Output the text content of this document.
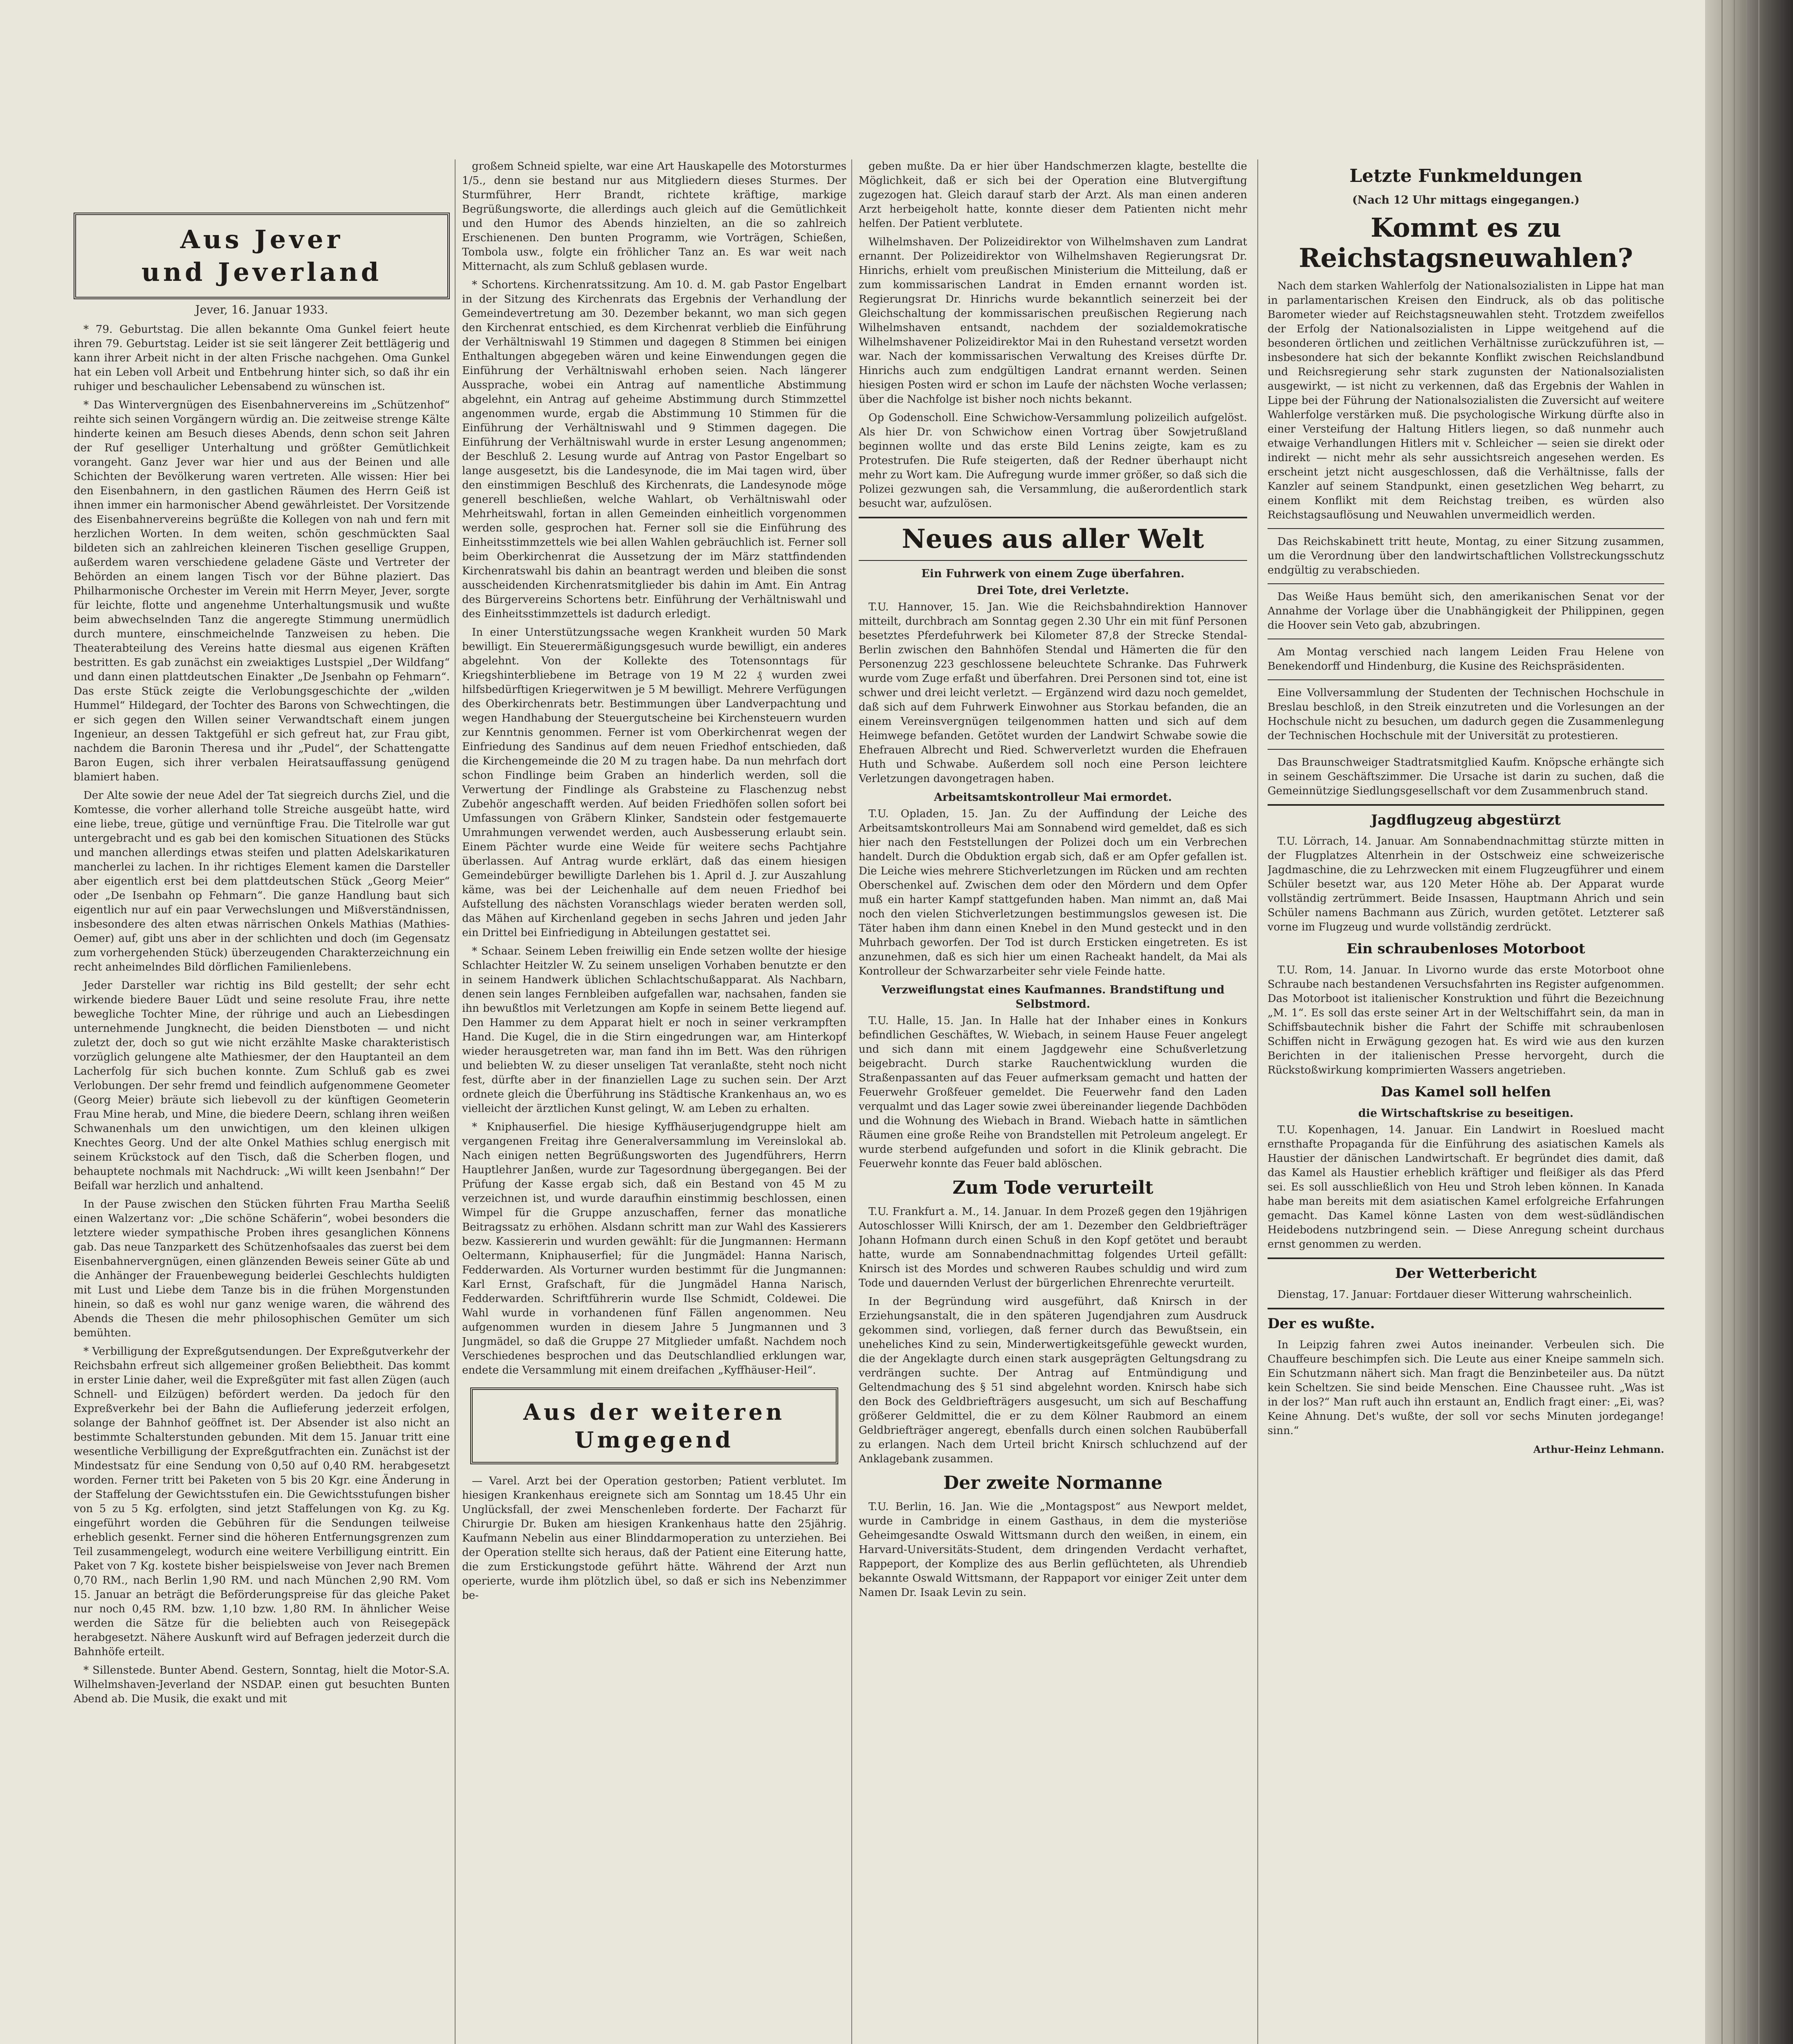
Aus Jever
und Jeverland
Jever, 16. Januar 1933.

* 79. Geburtstag. Die allen bekannte Oma Gunkel feiert heute ihren 79. Geburtstag. Leider ist sie seit längerer Zeit bettlägerig und kann ihrer Arbeit nicht in der alten Frische nachgehen. Oma Gunkel hat ein Leben voll Arbeit und Entbehrung hinter sich, so daß ihr ein ruhiger und beschaulicher Lebensabend zu wünschen ist.

* Das Wintervergnügen des Eisenbahnervereins im „Schützenhof“ reihte sich seinen Vorgängern würdig an. Die zeitweise strenge Kälte hinderte keinen am Besuch dieses Abends, denn schon seit Jahren der Ruf geselliger Unterhaltung und größter Gemütlichkeit vorangeht. Ganz Jever war hier und aus der Beinen und alle Schichten der Bevölkerung waren vertreten. Alle wissen: Hier bei den Eisenbahnern, in den gastlichen Räumen des Herrn Geiß ist ihnen immer ein harmonischer Abend gewährleistet. Der Vorsitzende des Eisenbahnervereins begrüßte die Kollegen von nah und fern mit herzlichen Worten. In dem weiten, schön geschmückten Saal bildeten sich an zahlreichen kleineren Tischen gesellige Gruppen, außerdem waren verschiedene geladene Gäste und Vertreter der Behörden an einem langen Tisch vor der Bühne plaziert. Das Philharmonische Orchester im Verein mit Herrn Meyer, Jever, sorgte für leichte, flotte und angenehme Unterhaltungsmusik und wußte beim abwechselnden Tanz die angeregte Stimmung unermüdlich durch muntere, einschmeichelnde Tanzweisen zu heben. Die Theaterabteilung des Vereins hatte diesmal aus eigenen Kräften bestritten. Es gab zunächst ein zweiaktiges Lustspiel „Der Wildfang“ und dann einen plattdeutschen Einakter „De Jsenbahn op Fehmarn“. Das erste Stück zeigte die Verlobungsgeschichte der „wilden Hummel“ Hildegard, der Tochter des Barons von Schwechtingen, die er sich gegen den Willen seiner Verwandtschaft einem jungen Ingenieur, an dessen Taktgefühl er sich gefreut hat, zur Frau gibt, nachdem die Baronin Theresa und ihr „Pudel“, der Schattengatte Baron Eugen, sich ihrer verbalen Heiratsauffassung genügend blamiert haben.

Der Alte sowie der neue Adel der Tat siegreich durchs Ziel, und die Komtesse, die vorher allerhand tolle Streiche ausgeübt hatte, wird eine liebe, treue, gütige und vernünftige Frau. Die Titelrolle war gut untergebracht und es gab bei den komischen Situationen des Stücks und manchen allerdings etwas steifen und platten Adelskarikaturen mancherlei zu lachen. In ihr richtiges Element kamen die Darsteller aber eigentlich erst bei dem plattdeutschen Stück „Georg Meier“ oder „De Isenbahn op Fehmarn“. Die ganze Handlung baut sich eigentlich nur auf ein paar Verwechslungen und Mißverständnissen, insbesondere des alten etwas närrischen Onkels Mathias (Mathies-Oemer) auf, gibt uns aber in der schlichten und doch (im Gegensatz zum vorhergehenden Stück) überzeugenden Charakterzeichnung ein recht anheimelndes Bild dörflichen Familienlebens.

Jeder Darsteller war richtig ins Bild gestellt; der sehr echt wirkende biedere Bauer Lüdt und seine resolute Frau, ihre nette bewegliche Tochter Mine, der rührige und auch an Liebesdingen unternehmende Jungknecht, die beiden Dienstboten — und nicht zuletzt der, doch so gut wie nicht erzählte Maske charakteristisch vorzüglich gelungene alte Mathiesmer, der den Hauptanteil an dem Lacherfolg für sich buchen konnte. Zum Schluß gab es zwei Verlobungen. Der sehr fremd und feindlich aufgenommene Geometer (Georg Meier) bräute sich liebevoll zu der künftigen Geometerin Frau Mine herab, und Mine, die biedere Deern, schlang ihren weißen Schwanenhals um den unwichtigen, um den kleinen ulkigen Knechtes Georg. Und der alte Onkel Mathies schlug energisch mit seinem Krückstock auf den Tisch, daß die Scherben flogen, und behauptete nochmals mit Nachdruck: „Wi willt keen Jsenbahn!“ Der Beifall war herzlich und anhaltend.

In der Pause zwischen den Stücken führten Frau Martha Seeliß einen Walzertanz vor: „Die schöne Schäferin“, wobei besonders die letztere wieder sympathische Proben ihres gesanglichen Könnens gab. Das neue Tanzparkett des Schützenhofsaales das zuerst bei dem Eisenbahnervergnügen, einen glänzenden Beweis seiner Güte ab und die Anhänger der Frauenbewegung beiderlei Geschlechts huldigten mit Lust und Liebe dem Tanze bis in die frühen Morgenstunden hinein, so daß es wohl nur ganz wenige waren, die während des Abends die Thesen die mehr philosophischen Gemüter um sich bemühten.

* Verbilligung der Expreßgutsendungen. Der Expreßgutverkehr der Reichsbahn erfreut sich allgemeiner großen Beliebtheit. Das kommt in erster Linie daher, weil die Expreßgüter mit fast allen Zügen (auch Schnell- und Eilzügen) befördert werden. Da jedoch für den Expreßverkehr bei der Bahn die Auflieferung jederzeit erfolgen, solange der Bahnhof geöffnet ist. Der Absender ist also nicht an bestimmte Schalterstunden gebunden. Mit dem 15. Januar tritt eine wesentliche Verbilligung der Expreßgutfrachten ein. Zunächst ist der Mindestsatz für eine Sendung von 0,50 auf 0,40 RM. herabgesetzt worden. Ferner tritt bei Paketen von 5 bis 20 Kgr. eine Änderung in der Staffelung der Gewichtsstufen ein. Die Gewichtsstufungen bisher von 5 zu 5 Kg. erfolgten, sind jetzt Staffelungen von Kg. zu Kg. eingeführt worden die Gebühren für die Sendungen teilweise erheblich gesenkt. Ferner sind die höheren Entfernungsgrenzen zum Teil zusammengelegt, wodurch eine weitere Verbilligung eintritt. Ein Paket von 7 Kg. kostete bisher beispielsweise von Jever nach Bremen 0,70 RM., nach Berlin 1,90 RM. und nach München 2,90 RM. Vom 15. Januar an beträgt die Beförderungspreise für das gleiche Paket nur noch 0,45 RM. bzw. 1,10 bzw. 1,80 RM. In ähnlicher Weise werden die Sätze für die beliebten auch von Reisegepäck herabgesetzt. Nähere Auskunft wird auf Befragen jederzeit durch die Bahnhöfe erteilt.

* Sillenstede. Bunter Abend. Gestern, Sonntag, hielt die Motor-S.A. Wilhelmshaven-Jeverland der NSDAP. einen gut besuchten Bunten Abend ab. Die Musik, die exakt und mit

großem Schneid spielte, war eine Art Hauskapelle des Motorsturmes 1/5., denn sie bestand nur aus Mitgliedern dieses Sturmes. Der Sturmführer, Herr Brandt, richtete kräftige, markige Begrüßungsworte, die allerdings auch gleich auf die Gemütlichkeit und den Humor des Abends hinzielten, an die so zahlreich Erschienenen. Den bunten Programm, wie Vorträgen, Schießen, Tombola usw., folgte ein fröhlicher Tanz an. Es war weit nach Mitternacht, als zum Schluß geblasen wurde.

* Schortens. Kirchenratssitzung. Am 10. d. M. gab Pastor Engelbart in der Sitzung des Kirchenrats das Ergebnis der Verhandlung der Gemeindevertretung am 30. Dezember bekannt, wo man sich gegen den Kirchenrat entschied, es dem Kirchenrat verblieb die Einführung der Verhältniswahl 19 Stimmen und dagegen 8 Stimmen bei einigen Enthaltungen abgegeben wären und keine Einwendungen gegen die Einführung der Verhältniswahl erhoben seien. Nach längerer Aussprache, wobei ein Antrag auf namentliche Abstimmung abgelehnt, ein Antrag auf geheime Abstimmung durch Stimmzettel angenommen wurde, ergab die Abstimmung 10 Stimmen für die Einführung der Verhältniswahl und 9 Stimmen dagegen. Die Einführung der Verhältniswahl wurde in erster Lesung angenommen; der Beschluß 2. Lesung wurde auf Antrag von Pastor Engelbart so lange ausgesetzt, bis die Landesynode, die im Mai tagen wird, über den einstimmigen Beschluß des Kirchenrats, die Landesynode möge generell beschließen, welche Wahlart, ob Verhältniswahl oder Mehrheitswahl, fortan in allen Gemeinden einheitlich vorgenommen werden solle, gesprochen hat. Ferner soll sie die Einführung des Einheitsstimmzettels wie bei allen Wahlen gebräuchlich ist. Ferner soll beim Oberkirchenrat die Aussetzung der im März stattfindenden Kirchenratswahl bis dahin an beantragt werden und bleiben die sonst ausscheidenden Kirchenratsmitglieder bis dahin im Amt. Ein Antrag des Bürgervereins Schortens betr. Einführung der Verhältniswahl und des Einheitsstimmzettels ist dadurch erledigt.

In einer Unterstützungssache wegen Krankheit wurden 50 Mark bewilligt. Ein Steuerermäßigungsgesuch wurde bewilligt, ein anderes abgelehnt. Von der Kollekte des Totensonntags für Kriegshinterbliebene im Betrage von 19 M 22 ₰ wurden zwei hilfsbedürftigen Kriegerwitwen je 5 M bewilligt. Mehrere Verfügungen des Oberkirchenrats betr. Bestimmungen über Landverpachtung und wegen Handhabung der Steuergutscheine bei Kirchensteuern wurden zur Kenntnis genommen. Ferner ist vom Oberkirchenrat wegen der Einfriedung des Sandinus auf dem neuen Friedhof entschieden, daß die Kirchengemeinde die 20 M zu tragen habe. Da nun mehrfach dort schon Findlinge beim Graben an hinderlich werden, soll die Verwertung der Findlinge als Grabsteine zu Flaschenzug nebst Zubehör angeschafft werden. Auf beiden Friedhöfen sollen sofort bei Umfassungen von Gräbern Klinker, Sandstein oder festgemauerte Umrahmungen verwendet werden, auch Ausbesserung erlaubt sein. Einem Pächter wurde eine Weide für weitere sechs Pachtjahre überlassen. Auf Antrag wurde erklärt, daß das einem hiesigen Gemeindebürger bewilligte Darlehen bis 1. April d. J. zur Auszahlung käme, was bei der Leichenhalle auf dem neuen Friedhof bei Aufstellung des nächsten Voranschlags wieder beraten werden soll, das Mähen auf Kirchenland gegeben in sechs Jahren und jeden Jahr ein Drittel bei Einfriedigung in Abteilungen gestattet sei.

* Schaar. Seinem Leben freiwillig ein Ende setzen wollte der hiesige Schlachter Heitzler W. Zu seinem unseligen Vorhaben benutzte er den in seinem Handwerk üblichen Schlachtschußapparat. Als Nachbarn, denen sein langes Fernbleiben aufgefallen war, nachsahen, fanden sie ihn bewußtlos mit Verletzungen am Kopfe in seinem Bette liegend auf. Den Hammer zu dem Apparat hielt er noch in seiner verkrampften Hand. Die Kugel, die in die Stirn eingedrungen war, am Hinterkopf wieder herausgetreten war, man fand ihn im Bett. Was den rührigen und beliebten W. zu dieser unseligen Tat veranlaßte, steht noch nicht fest, dürfte aber in der finanziellen Lage zu suchen sein. Der Arzt ordnete gleich die Überführung ins Städtische Krankenhaus an, wo es vielleicht der ärztlichen Kunst gelingt, W. am Leben zu erhalten.

* Kniphauserfiel. Die hiesige Kyffhäuserjugendgruppe hielt am vergangenen Freitag ihre Generalversammlung im Vereinslokal ab. Nach einigen netten Begrüßungsworten des Jugendführers, Herrn Hauptlehrer Janßen, wurde zur Tagesordnung übergegangen. Bei der Prüfung der Kasse ergab sich, daß ein Bestand von 45 M zu verzeichnen ist, und wurde daraufhin einstimmig beschlossen, einen Wimpel für die Gruppe anzuschaffen, ferner das monatliche Beitragssatz zu erhöhen. Alsdann schritt man zur Wahl des Kassierers bezw. Kassiererin und wurden gewählt: für die Jungmannen: Hermann Oeltermann, Kniphauserfiel; für die Jungmädel: Hanna Narisch, Fedderwarden. Als Vorturner wurden bestimmt für die Jungmannen: Karl Ernst, Grafschaft, für die Jungmädel Hanna Narisch, Fedderwarden. Schriftführerin wurde Ilse Schmidt, Coldewei. Die Wahl wurde in vorhandenen fünf Fällen angenommen. Neu aufgenommen wurden in diesem Jahre 5 Jungmannen und 3 Jungmädel, so daß die Gruppe 27 Mitglieder umfaßt. Nachdem noch Verschiedenes besprochen und das Deutschlandlied erklungen war, endete die Versammlung mit einem dreifachen „Kyffhäuser-Heil“.

Aus der weiteren
Umgegend

— Varel. Arzt bei der Operation gestorben; Patient verblutet. Im hiesigen Krankenhaus ereignete sich am Sonntag um 18.45 Uhr ein Unglücksfall, der zwei Menschenleben forderte. Der Facharzt für Chirurgie Dr. Buken am hiesigen Krankenhaus hatte den 25jährig. Kaufmann Nebelin aus einer Blinddarmoperation zu unterziehen. Bei der Operation stellte sich heraus, daß der Patient eine Eiterung hatte, die zum Erstickungstode geführt hätte. Während der Arzt nun operierte, wurde ihm plötzlich übel, so daß er sich ins Nebenzimmer be-

geben mußte. Da er hier über Handschmerzen klagte, bestellte die Möglichkeit, daß er sich bei der Operation eine Blutvergiftung zugezogen hat. Gleich darauf starb der Arzt. Als man einen anderen Arzt herbeigeholt hatte, konnte dieser dem Patienten nicht mehr helfen. Der Patient verblutete.

Wilhelmshaven. Der Polizeidirektor von Wilhelmshaven zum Landrat ernannt. Der Polizeidirektor von Wilhelmshaven Regierungsrat Dr. Hinrichs, erhielt vom preußischen Ministerium die Mitteilung, daß er zum kommissarischen Landrat in Emden ernannt worden ist. Regierungsrat Dr. Hinrichs wurde bekanntlich seinerzeit bei der Gleichschaltung der kommissarischen preußischen Regierung nach Wilhelmshaven entsandt, nachdem der sozialdemokratische Wilhelmshavener Polizeidirektor Mai in den Ruhestand versetzt worden war. Nach der kommissarischen Verwaltung des Kreises dürfte Dr. Hinrichs auch zum endgültigen Landrat ernannt werden. Seinen hiesigen Posten wird er schon im Laufe der nächsten Woche verlassen; über die Nachfolge ist bisher noch nichts bekannt.

Op Godenscholl. Eine Schwichow-Versammlung polizeilich aufgelöst. Als hier Dr. von Schwichow einen Vortrag über Sowjetrußland beginnen wollte und das erste Bild Lenins zeigte, kam es zu Protestrufen. Die Rufe steigerten, daß der Redner überhaupt nicht mehr zu Wort kam. Die Aufregung wurde immer größer, so daß sich die Polizei gezwungen sah, die Versammlung, die außerordentlich stark besucht war, aufzulösen.

Neues aus aller Welt
Ein Fuhrwerk von einem Zuge überfahren.
Drei Tote, drei Verletzte.

T.U. Hannover, 15. Jan. Wie die Reichsbahndirektion Hannover mitteilt, durchbrach am Sonntag gegen 2.30 Uhr ein mit fünf Personen besetztes Pferdefuhrwerk bei Kilometer 87,8 der Strecke Stendal-Berlin zwischen den Bahnhöfen Stendal und Hämerten die für den Personenzug 223 geschlossene beleuchtete Schranke. Das Fuhrwerk wurde vom Zuge erfaßt und überfahren. Drei Personen sind tot, eine ist schwer und drei leicht verletzt. — Ergänzend wird dazu noch gemeldet, daß sich auf dem Fuhrwerk Einwohner aus Storkau befanden, die an einem Vereinsvergnügen teilgenommen hatten und sich auf dem Heimwege befanden. Getötet wurden der Landwirt Schwabe sowie die Ehefrauen Albrecht und Ried. Schwerverletzt wurden die Ehefrauen Huth und Schwabe. Außerdem soll noch eine Person leichtere Verletzungen davongetragen haben.

Arbeitsamtskontrolleur Mai ermordet.

T.U. Opladen, 15. Jan. Zu der Auffindung der Leiche des Arbeitsamtskontrolleurs Mai am Sonnabend wird gemeldet, daß es sich hier nach den Feststellungen der Polizei doch um ein Verbrechen handelt. Durch die Obduktion ergab sich, daß er am Opfer gefallen ist. Die Leiche wies mehrere Stichverletzungen im Rücken und am rechten Oberschenkel auf. Zwischen dem oder den Mördern und dem Opfer muß ein harter Kampf stattgefunden haben. Man nimmt an, daß Mai noch den vielen Stichverletzungen bestimmungslos gewesen ist. Die Täter haben ihm dann einen Knebel in den Mund gesteckt und in den Muhrbach geworfen. Der Tod ist durch Ersticken eingetreten. Es ist anzunehmen, daß es sich hier um einen Racheakt handelt, da Mai als Kontrolleur der Schwarzarbeiter sehr viele Feinde hatte.

Verzweiflungstat eines Kaufmannes. Brandstiftung und Selbstmord.

T.U. Halle, 15. Jan. In Halle hat der Inhaber eines in Konkurs befindlichen Geschäftes, W. Wiebach, in seinem Hause Feuer angelegt und sich dann mit einem Jagdgewehr eine Schußverletzung beigebracht. Durch starke Rauchentwicklung wurden die Straßenpassanten auf das Feuer aufmerksam gemacht und hatten der Feuerwehr Großfeuer gemeldet. Die Feuerwehr fand den Laden verqualmt und das Lager sowie zwei übereinander liegende Dachböden und die Wohnung des Wiebach in Brand. Wiebach hatte in sämtlichen Räumen eine große Reihe von Brandstellen mit Petroleum angelegt. Er wurde sterbend aufgefunden und sofort in die Klinik gebracht. Die Feuerwehr konnte das Feuer bald ablöschen.

Zum Tode verurteilt

T.U. Frankfurt a. M., 14. Januar. In dem Prozeß gegen den 19jährigen Autoschlosser Willi Knirsch, der am 1. Dezember den Geldbriefträger Johann Hofmann durch einen Schuß in den Kopf getötet und beraubt hatte, wurde am Sonnabendnachmittag folgendes Urteil gefällt: Knirsch ist des Mordes und schweren Raubes schuldig und wird zum Tode und dauernden Verlust der bürgerlichen Ehrenrechte verurteilt.

In der Begründung wird ausgeführt, daß Knirsch in der Erziehungsanstalt, die in den späteren Jugendjahren zum Ausdruck gekommen sind, vorliegen, daß ferner durch das Bewußtsein, ein uneheliches Kind zu sein, Minderwertigkeitsgefühle geweckt wurden, die der Angeklagte durch einen stark ausgeprägten Geltungsdrang zu verdrängen suchte. Der Antrag auf Entmündigung und Geltendmachung des § 51 sind abgelehnt worden. Knirsch habe sich den Bock des Geldbriefträgers ausgesucht, um sich auf Beschaffung größerer Geldmittel, die er zu dem Kölner Raubmord an einem Geldbriefträger angeregt, ebenfalls durch einen solchen Raubüberfall zu erlangen. Nach dem Urteil bricht Knirsch schluchzend auf der Anklagebank zusammen.

Der zweite Normanne

T.U. Berlin, 16. Jan. Wie die „Montagspost“ aus Newport meldet, wurde in Cambridge in einem Gasthaus, in dem die mysteriöse Geheimgesandte Oswald Wittsmann durch den weißen, in einem, ein Harvard-Universitäts-Student, dem dringenden Verdacht verhaftet, Rappeport, der Komplize des aus Berlin geflüchteten, als Uhrendieb bekannte Oswald Wittsmann, der Rappaport vor einiger Zeit unter dem Namen Dr. Isaak Levin zu sein.

Letzte Funkmeldungen
(Nach 12 Uhr mittags eingegangen.)
Kommt es zu
Reichstagsneuwahlen?

Nach dem starken Wahlerfolg der Nationalsozialisten in Lippe hat man in parlamentarischen Kreisen den Eindruck, als ob das politische Barometer wieder auf Reichstagsneuwahlen steht. Trotzdem zweifellos der Erfolg der Nationalsozialisten in Lippe weitgehend auf die besonderen örtlichen und zeitlichen Verhältnisse zurückzuführen ist, — insbesondere hat sich der bekannte Konflikt zwischen Reichslandbund und Reichsregierung sehr stark zugunsten der Nationalsozialisten ausgewirkt, — ist nicht zu verkennen, daß das Ergebnis der Wahlen in Lippe bei der Führung der Nationalsozialisten die Zuversicht auf weitere Wahlerfolge verstärken muß. Die psychologische Wirkung dürfte also in einer Versteifung der Haltung Hitlers liegen, so daß nunmehr auch etwaige Verhandlungen Hitlers mit v. Schleicher — seien sie direkt oder indirekt — nicht mehr als sehr aussichtsreich angesehen werden. Es erscheint jetzt nicht ausgeschlossen, daß die Verhältnisse, falls der Kanzler auf seinem Standpunkt, einen gesetzlichen Weg beharrt, zu einem Konflikt mit dem Reichstag treiben, es würden also Reichstagsauflösung und Neuwahlen unvermeidlich werden.

Das Reichskabinett tritt heute, Montag, zu einer Sitzung zusammen, um die Verordnung über den landwirtschaftlichen Vollstreckungsschutz endgültig zu verabschieden.

Das Weiße Haus bemüht sich, den amerikanischen Senat vor der Annahme der Vorlage über die Unabhängigkeit der Philippinen, gegen die Hoover sein Veto gab, abzubringen.

Am Montag verschied nach langem Leiden Frau Helene von Benekendorff und Hindenburg, die Kusine des Reichspräsidenten.

Eine Vollversammlung der Studenten der Technischen Hochschule in Breslau beschloß, in den Streik einzutreten und die Vorlesungen an der Hochschule nicht zu besuchen, um dadurch gegen die Zusammenlegung der Technischen Hochschule mit der Universität zu protestieren.

Das Braunschweiger Stadtratsmitglied Kaufm. Knöpsche erhängte sich in seinem Geschäftszimmer. Die Ursache ist darin zu suchen, daß die Gemeinnützige Siedlungsgesellschaft vor dem Zusammenbruch stand.

Jagdflugzeug abgestürzt

T.U. Lörrach, 14. Januar. Am Sonnabendnachmittag stürzte mitten in der Flugplatzes Altenrhein in der Ostschweiz eine schweizerische Jagdmaschine, die zu Lehrzwecken mit einem Flugzeugführer und einem Schüler besetzt war, aus 120 Meter Höhe ab. Der Apparat wurde vollständig zertrümmert. Beide Insassen, Hauptmann Ahrich und sein Schüler namens Bachmann aus Zürich, wurden getötet. Letzterer saß vorne im Flugzeug und wurde vollständig zerdrückt.

Ein schraubenloses Motorboot

T.U. Rom, 14. Januar. In Livorno wurde das erste Motorboot ohne Schraube nach bestandenen Versuchsfahrten ins Register aufgenommen. Das Motorboot ist italienischer Konstruktion und führt die Bezeichnung „M. 1“. Es soll das erste seiner Art in der Weltschiffahrt sein, da man in Schiffsbautechnik bisher die Fahrt der Schiffe mit schraubenlosen Schiffen nicht in Erwägung gezogen hat. Es wird wie aus den kurzen Berichten in der italienischen Presse hervorgeht, durch die Rückstoßwirkung komprimierten Wassers angetrieben.

Das Kamel soll helfen
die Wirtschaftskrise zu beseitigen.

T.U. Kopenhagen, 14. Januar. Ein Landwirt in Roeslued macht ernsthafte Propaganda für die Einführung des asiatischen Kamels als Haustier der dänischen Landwirtschaft. Er begründet dies damit, daß das Kamel als Haustier erheblich kräftiger und fleißiger als das Pferd sei. Es soll ausschließlich von Heu und Stroh leben können. In Kanada habe man bereits mit dem asiatischen Kamel erfolgreiche Erfahrungen gemacht. Das Kamel könne Lasten von dem west-südländischen Heidebodens nutzbringend sein. — Diese Anregung scheint durchaus ernst genommen zu werden.

Der Wetterbericht

Dienstag, 17. Januar: Fortdauer dieser Witterung wahrscheinlich.

Der es wußte.

In Leipzig fahren zwei Autos ineinander. Verbeulen sich. Die Chauffeure beschimpfen sich. Die Leute aus einer Kneipe sammeln sich. Ein Schutzmann nähert sich. Man fragt die Benzinbeteiler aus. Da nützt kein Scheltzen. Sie sind beide Menschen. Eine Chaussee ruht. „Was ist in der los?“ Man ruft auch ihn erstaunt an, Endlich fragt einer: „Ei, was? Keine Ahnung. Det's wußte, der soll vor sechs Minuten jordegange! sinn.“

Arthur-Heinz Lehmann.
